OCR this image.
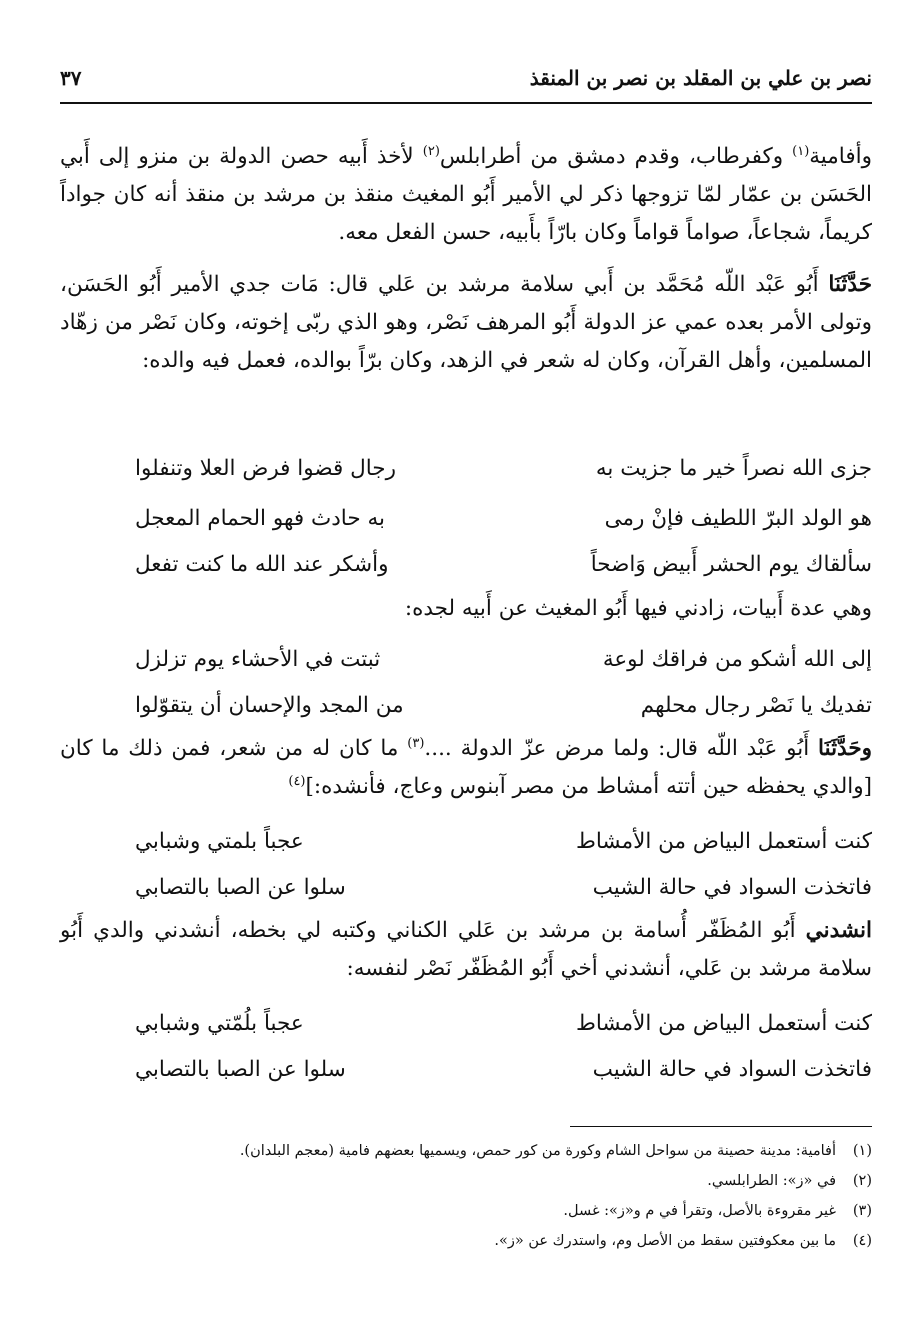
نصر بن علي بن المقلد بن نصر بن المنقذ
٣٧

وأفامية$^{(١)}$ وكفرطاب، وقدم دمشق من أطرابلس$^{(٢)}$ لأخذ أَبيه حصن الدولة بن منزو إلى أَبي الحَسَن بن عمّار لمّا تزوجها ذكر لي الأمير أَبُو المغيث منقذ بن مرشد بن منقذ أنه كان جواداً كريماً، شجاعاً، صواماً قواماً وكان بارّاً بأَبيه، حسن الفعل معه.

حَدَّثَنَا أَبُو عَبْد اللّه مُحَمَّد بن أَبي سلامة مرشد بن عَلي قال: مَات جدي الأمير أَبُو الحَسَن، وتولى الأمر بعده عمي عز الدولة أَبُو المرهف نَصْر، وهو الذي ربّى إخوته، وكان نَصْر من زهّاد المسلمين، وأهل القرآن، وكان له شعر في الزهد، وكان برّاً بوالده، فعمل فيه والده:

جزى الله نصراً خير ما جزيت به
رجال قضوا فرض العلا وتنفلوا
هو الولد البرّ اللطيف فإنْ رمى
به حادث فهو الحمام المعجل
سألقاك يوم الحشر أَبيض وَاضحاً
وأشكر عند الله ما كنت تفعل

وهي عدة أَبيات، زادني فيها أَبُو المغيث عن أَبيه لجده:

إلى الله أشكو من فراقك لوعة
ثبتت في الأحشاء يوم تزلزل
تفديك يا نَصْر رجال محلهم
من المجد والإحسان أن يتقوّلوا

وحَدَّثَنَا أَبُو عَبْد اللّه قال: ولما مرض عزّ الدولة ....$^{(٣)}$ ما كان له من شعر، فمن ذلك ما كان [والدي يحفظه حين أتته أمشاط من مصر آبنوس وعاج، فأنشده:]$^{(٤)}$

كنت أستعمل البياض من الأمشاط
عجباً بلمتي وشبابي
فاتخذت السواد في حالة الشيب
سلوا عن الصبا بالتصابي

انشدني أَبُو المُظَفّر أُسامة بن مرشد بن عَلي الكناني وكتبه لي بخطه، أنشدني والدي أَبُو سلامة مرشد بن عَلي، أنشدني أخي أَبُو المُظَفّر نَصْر لنفسه:

كنت أستعمل البياض من الأمشاط
عجباً بلُمّتي وشبابي
فاتخذت السواد في حالة الشيب
سلوا عن الصبا بالتصابي
(١)أفامية: مدينة حصينة من سواحل الشام وكورة من كور حمص، ويسميها بعضهم فامية (معجم البلدان).
(٢)في «ز»: الطرابلسي.
(٣)غير مقروءة بالأصل، وتقرأ في م و«ز»: غسل.
(٤)ما بين معكوفتين سقط من الأصل وم، واستدرك عن «ز».
